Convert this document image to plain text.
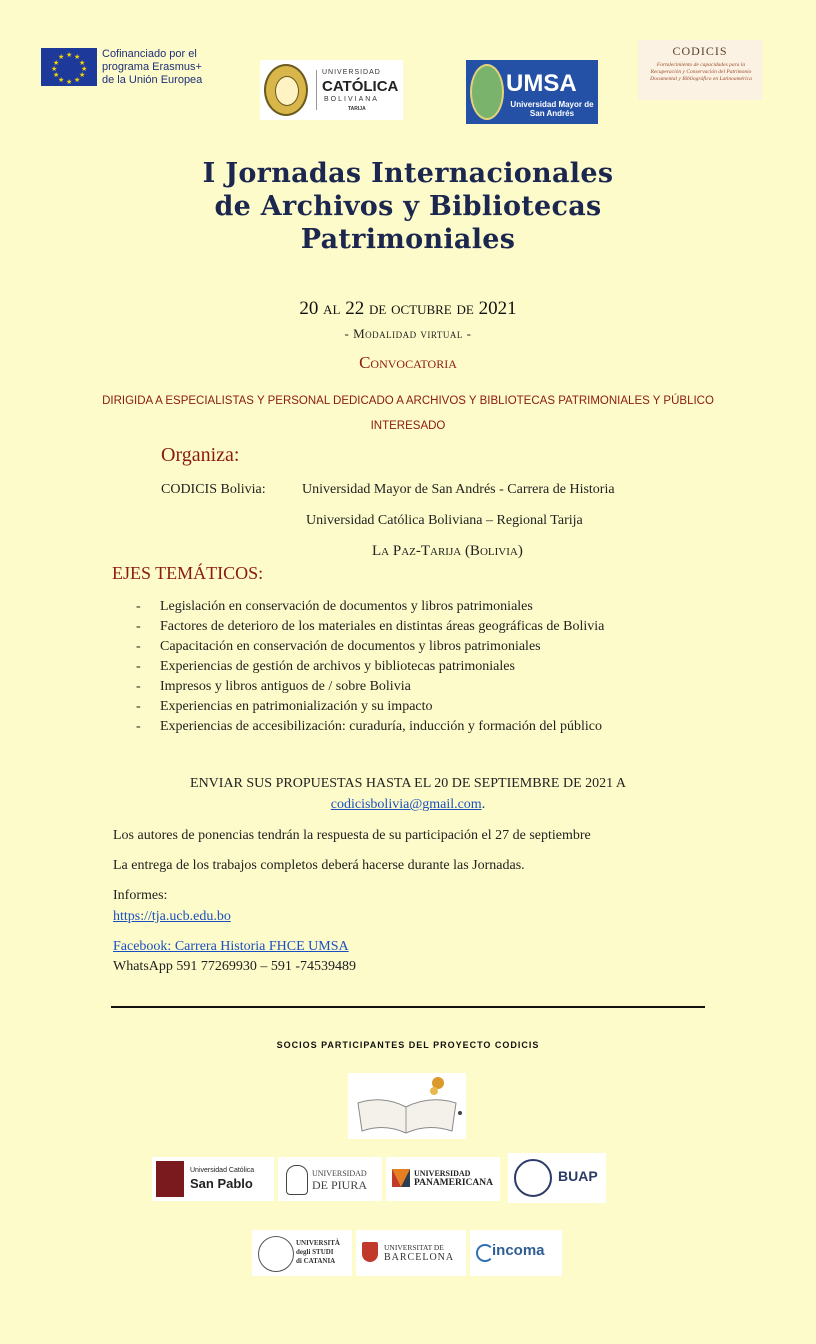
★ ★
★
★
★
★
★
★
★
★
★
★	Cofinanciado por el
programa Erasmus+
de la Unión Europea
UNIVERSIDAD
CATÓLICA
BOLIVIANA
TARIJA
UMSA
Universidad Mayor de San Andrés
CODICIS
Fortalecimiento de capacidades para la Recuperación y Conservación del Patrimonio Documental y Bibliográfico en Latinoamérica
I Jornadas Internacionales
de Archivos y Bibliotecas
Patrimoniales
20 al 22 de octubre de 2021
- Modalidad virtual -
Convocatoria
DIRIGIDA A ESPECIALISTAS Y PERSONAL DEDICADO A ARCHIVOS Y BIBLIOTECAS PATRIMONIALES Y PÚBLICO INTERESADO
Organiza:
CODICIS Bolivia:	Universidad Mayor de San Andrés - Carrera de Historia
Universidad Católica Boliviana – Regional Tarija
La Paz-Tarija (Bolivia)
EJES TEMÁTICOS:
- Legislación en conservación de documentos y libros patrimoniales
- Factores de deterioro de los materiales en distintas áreas geográficas de Bolivia
- Capacitación en conservación de documentos y libros patrimoniales
- Experiencias de gestión de archivos y bibliotecas patrimoniales
- Impresos y libros antiguos de / sobre Bolivia
- Experiencias en patrimonialización y su impacto
- Experiencias de accesibilización: curaduría, inducción y formación del público
ENVIAR SUS PROPUESTAS HASTA EL 20 DE SEPTIEMBRE DE 2021 A
codicisbolivia@gmail.com.
Los autores de ponencias tendrán la respuesta de su participación el 27 de septiembre
La entrega de los trabajos completos deberá hacerse durante las Jornadas.
Informes:
https://tja.ucb.edu.bo
Facebook: Carrera Historia FHCE UMSA
WhatsApp 591 77269930 – 591 -74539489
SOCIOS PARTICIPANTES DEL PROYECTO CODICIS
Universidad Católica
San Pablo
UNIVERSIDAD
DE PIURA
UNIVERSIDAD
PANAMERICANA	BUAP
UNIVERSITÀ
degli STUDI
di CATANIA
UNIVERSITAT DE
BARCELONA	incoma
